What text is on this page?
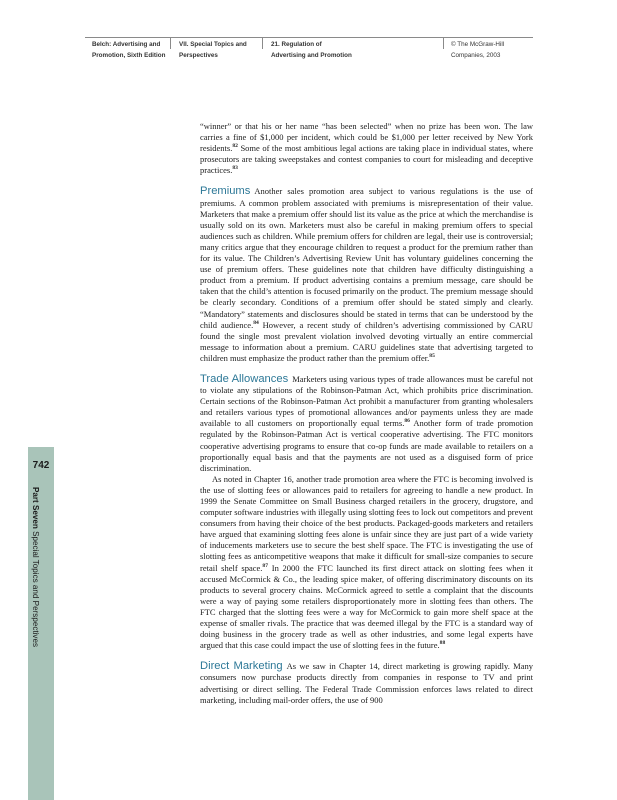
Belch: Advertising and
Promotion, Sixth Edition
VII. Special Topics and
Perspectives
21. Regulation of
Advertising and Promotion
© The McGraw-Hill
Companies, 2003
742
Part Seven Special Topics and Perspectives

“winner” or that his or her name “has been selected” when no prize has been won. The law carries a fine of $1,000 per incident, which could be $1,000 per letter received by New York residents.$^{82}$ Some of the most ambitious legal actions are taking place in individual states, where prosecutors are taking sweepstakes and contest companies to court for misleading and deceptive practices.$^{83}$

Premiums Another sales promotion area subject to various regulations is the use of premiums. A common problem associated with premiums is misrepresentation of their value. Marketers that make a premium offer should list its value as the price at which the merchandise is usually sold on its own. Marketers must also be careful in making premium offers to special audiences such as children. While premium offers for children are legal, their use is controversial; many critics argue that they encourage children to request a product for the premium rather than for its value. The Children’s Advertising Review Unit has voluntary guidelines concerning the use of premium offers. These guidelines note that children have difficulty distinguishing a product from a premium. If product advertising contains a premium message, care should be taken that the child’s attention is focused primarily on the product. The premium message should be clearly secondary. Conditions of a premium offer should be stated simply and clearly. “Mandatory” statements and disclosures should be stated in terms that can be understood by the child audience.$^{84}$ However, a recent study of children’s advertising commissioned by CARU found the single most prevalent violation involved devoting virtually an entire commercial message to information about a premium. CARU guidelines state that advertising targeted to children must emphasize the product rather than the premium offer.$^{85}$

Trade Allowances Marketers using various types of trade allowances must be careful not to violate any stipulations of the Robinson-Patman Act, which prohibits price discrimination. Certain sections of the Robinson-Patman Act prohibit a manufacturer from granting wholesalers and retailers various types of promotional allowances and/or payments unless they are made available to all customers on proportionally equal terms.$^{86}$ Another form of trade promotion regulated by the Robinson-Patman Act is vertical cooperative advertising. The FTC monitors cooperative advertising programs to ensure that co-op funds are made available to retailers on a proportionally equal basis and that the payments are not used as a disguised form of price discrimination.

As noted in Chapter 16, another trade promotion area where the FTC is becoming involved is the use of slotting fees or allowances paid to retailers for agreeing to handle a new product. In 1999 the Senate Committee on Small Business charged retailers in the grocery, drugstore, and computer software industries with illegally using slotting fees to lock out competitors and prevent consumers from having their choice of the best products. Packaged-goods marketers and retailers have argued that examining slotting fees alone is unfair since they are just part of a wide variety of inducements marketers use to secure the best shelf space. The FTC is investigating the use of slotting fees as anticompetitive weapons that make it difficult for small-size companies to secure retail shelf space.$^{87}$ In 2000 the FTC launched its first direct attack on slotting fees when it accused McCormick & Co., the leading spice maker, of offering discriminatory discounts on its products to several grocery chains. McCormick agreed to settle a complaint that the discounts were a way of paying some retailers disproportionately more in slotting fees than others. The FTC charged that the slotting fees were a way for McCormick to gain more shelf space at the expense of smaller rivals. The practice that was deemed illegal by the FTC is a standard way of doing business in the grocery trade as well as other industries, and some legal experts have argued that this case could impact the use of slotting fees in the future.$^{88}$

Direct Marketing As we saw in Chapter 14, direct marketing is growing rapidly. Many consumers now purchase products directly from companies in response to TV and print advertising or direct selling. The Federal Trade Commission enforces laws related to direct marketing, including mail-order offers, the use of 900
